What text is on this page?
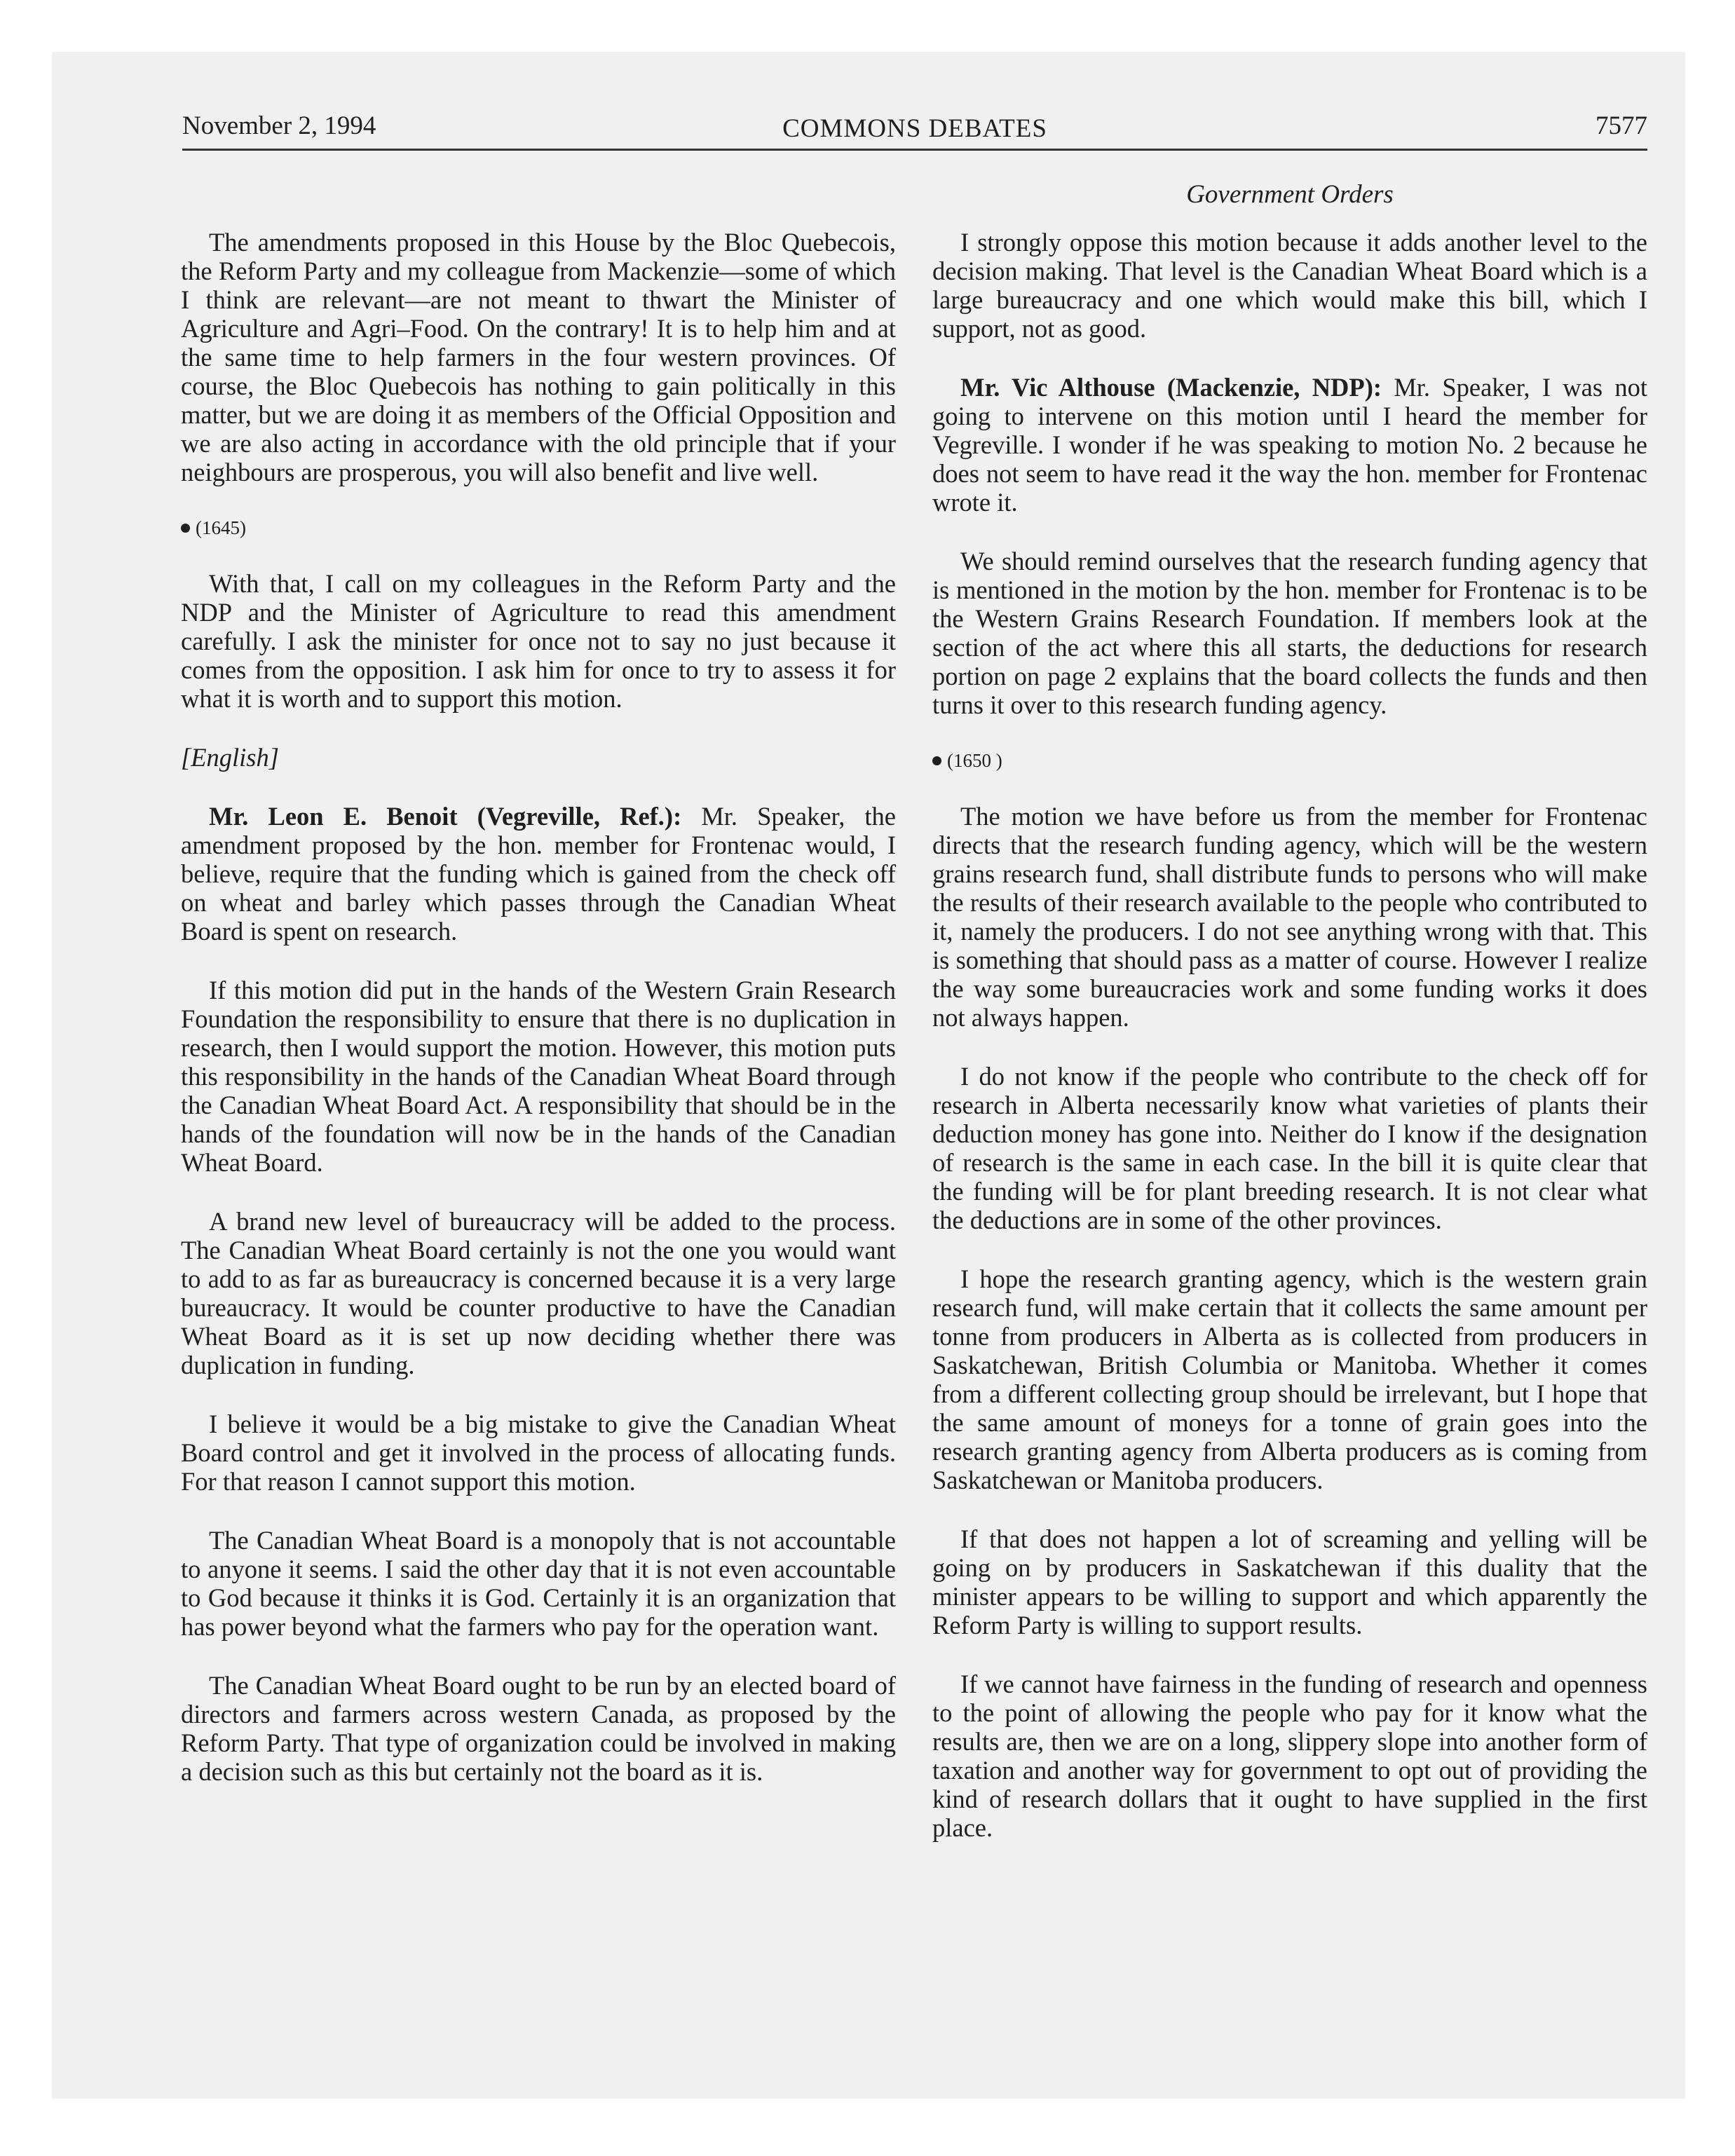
November 2, 1994	COMMONS DEBATES	7577
Government Orders

The amendments proposed in this House by the Bloc Quebecois, the Reform Party and my colleague from Mackenzie—some of which I think are relevant—are not meant to thwart the Minister of Agriculture and Agri–Food. On the contrary! It is to help him and at the same time to help farmers in the four western provinces. Of course, the Bloc Quebecois has nothing to gain politically in this matter, but we are doing it as members of the Official Opposition and we are also acting in accordance with the old principle that if your neighbours are prosperous, you will also benefit and live well.

(1645)

With that, I call on my colleagues in the Reform Party and the NDP and the Minister of Agriculture to read this amendment carefully. I ask the minister for once not to say no just because it comes from the opposition. I ask him for once to try to assess it for what it is worth and to support this motion.

[English]

Mr. Leon E. Benoit (Vegreville, Ref.): Mr. Speaker, the amendment proposed by the hon. member for Frontenac would, I believe, require that the funding which is gained from the check off on wheat and barley which passes through the Canadian Wheat Board is spent on research.

If this motion did put in the hands of the Western Grain Research Foundation the responsibility to ensure that there is no duplication in research, then I would support the motion. However, this motion puts this responsibility in the hands of the Canadian Wheat Board through the Canadian Wheat Board Act. A responsibility that should be in the hands of the foundation will now be in the hands of the Canadian Wheat Board.

A brand new level of bureaucracy will be added to the process. The Canadian Wheat Board certainly is not the one you would want to add to as far as bureaucracy is concerned because it is a very large bureaucracy. It would be counter productive to have the Canadian Wheat Board as it is set up now deciding whether there was duplication in funding.

I believe it would be a big mistake to give the Canadian Wheat Board control and get it involved in the process of allocating funds. For that reason I cannot support this motion.

The Canadian Wheat Board is a monopoly that is not accountable to anyone it seems. I said the other day that it is not even accountable to God because it thinks it is God. Certainly it is an organization that has power beyond what the farmers who pay for the operation want.

The Canadian Wheat Board ought to be run by an elected board of directors and farmers across western Canada, as proposed by the Reform Party. That type of organization could be involved in making a decision such as this but certainly not the board as it is.

I strongly oppose this motion because it adds another level to the decision making. That level is the Canadian Wheat Board which is a large bureaucracy and one which would make this bill, which I support, not as good.

Mr. Vic Althouse (Mackenzie, NDP): Mr. Speaker, I was not going to intervene on this motion until I heard the member for Vegreville. I wonder if he was speaking to motion No. 2 because he does not seem to have read it the way the hon. member for Frontenac wrote it.

We should remind ourselves that the research funding agency that is mentioned in the motion by the hon. member for Frontenac is to be the Western Grains Research Foundation. If members look at the section of the act where this all starts, the deductions for research portion on page 2 explains that the board collects the funds and then turns it over to this research funding agency.

(1650 )

The motion we have before us from the member for Frontenac directs that the research funding agency, which will be the western grains research fund, shall distribute funds to persons who will make the results of their research available to the people who contributed to it, namely the producers. I do not see anything wrong with that. This is something that should pass as a matter of course. However I realize the way some bureaucracies work and some funding works it does not always happen.

I do not know if the people who contribute to the check off for research in Alberta necessarily know what varieties of plants their deduction money has gone into. Neither do I know if the designation of research is the same in each case. In the bill it is quite clear that the funding will be for plant breeding research. It is not clear what the deductions are in some of the other provinces.

I hope the research granting agency, which is the western grain research fund, will make certain that it collects the same amount per tonne from producers in Alberta as is collected from producers in Saskatchewan, British Columbia or Manitoba. Whether it comes from a different collecting group should be irrelevant, but I hope that the same amount of moneys for a tonne of grain goes into the research granting agency from Alberta producers as is coming from Saskatchewan or Manitoba producers.

If that does not happen a lot of screaming and yelling will be going on by producers in Saskatchewan if this duality that the minister appears to be willing to support and which apparently the Reform Party is willing to support results.

If we cannot have fairness in the funding of research and openness to the point of allowing the people who pay for it know what the results are, then we are on a long, slippery slope into another form of taxation and another way for government to opt out of providing the kind of research dollars that it ought to have supplied in the first place.
